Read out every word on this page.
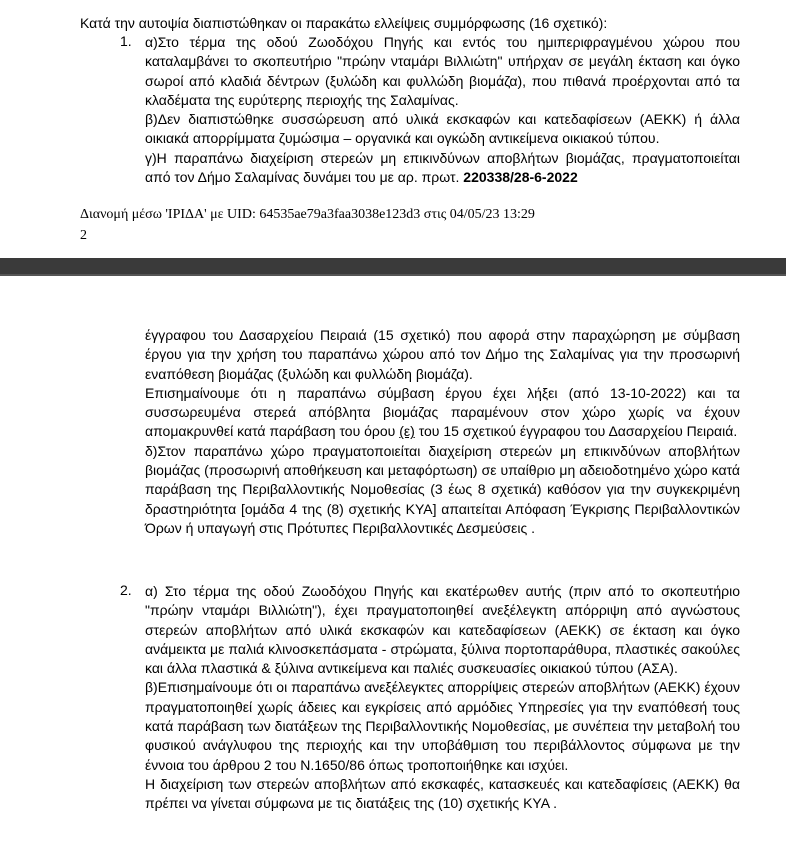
Κατά την αυτοψία διαπιστώθηκαν οι παρακάτω ελλείψεις συμμόρφωσης (16 σχετικό):
1. α)Στο τέρμα της οδού Ζωοδόχου Πηγής και εντός του ημιπεριφραγμένου χώρου που καταλαμβάνει το σκοπευτήριο "πρώην νταμάρι Βιλλιώτη" υπήρχαν σε μεγάλη έκταση και όγκο σωροί από κλαδιά δέντρων (ξυλώδη και φυλλώδη βιομάζα), που πιθανά προέρχονται από τα κλαδέματα της ευρύτερης περιοχής της Σαλαμίνας.

β)Δεν διαπιστώθηκε συσσώρευση από υλικά εκσκαφών και κατεδαφίσεων (ΑΕΚΚ) ή άλλα οικιακά απορρίμματα ζυμώσιμα – οργανικά και ογκώδη αντικείμενα οικιακού τύπου.

γ)Η παραπάνω διαχείριση στερεών μη επικινδύνων αποβλήτων βιομάζας, πραγματοποιείται από τον Δήμο Σαλαμίνας δυνάμει του με αρ. πρωτ. 220338/28-6-2022

Διανομή μέσω 'ΙΡΙΔΑ' με UID: 64535ae79a3faa3038e123d3 στις 04/05/23 13:29
2

έγγραφου του Δασαρχείου Πειραιά (15 σχετικό) που αφορά στην παραχώρηση με σύμβαση έργου για την χρήση του παραπάνω χώρου από τον Δήμο της Σαλαμίνας για την προσωρινή εναπόθεση βιομάζας (ξυλώδη και φυλλώδη βιομάζα).

Επισημαίνουμε ότι η παραπάνω σύμβαση έργου έχει λήξει (από 13-10-2022) και τα συσσωρευμένα στερεά απόβλητα βιομάζας παραμένουν στον χώρο χωρίς να έχουν απομακρυνθεί κατά παράβαση του όρου (ε) του 15 σχετικού έγγραφου του Δασαρχείου Πειραιά.

δ)Στον παραπάνω χώρο πραγματοποιείται διαχείριση στερεών μη επικινδύνων αποβλήτων βιομάζας (προσωρινή αποθήκευση και μεταφόρτωση) σε υπαίθριο μη αδειοδοτημένο χώρο κατά παράβαση της Περιβαλλοντικής Νομοθεσίας (3 έως 8 σχετικά) καθόσον για την συγκεκριμένη δραστηριότητα [ομάδα 4 της (8) σχετικής ΚΥΑ] απαιτείται Απόφαση Έγκρισης Περιβαλλοντικών Όρων ή υπαγωγή στις Πρότυπες Περιβαλλοντικές Δεσμεύσεις .

2. α) Στο τέρμα της οδού Ζωοδόχου Πηγής και εκατέρωθεν αυτής (πριν από το σκοπευτήριο "πρώην νταμάρι Βιλλιώτη"), έχει πραγματοποιηθεί ανεξέλεγκτη απόρριψη από αγνώστους στερεών αποβλήτων από υλικά εκσκαφών και κατεδαφίσεων (ΑΕΚΚ) σε έκταση και όγκο ανάμεικτα με παλιά κλινοσκεπάσματα - στρώματα, ξύλινα πορτοπαράθυρα, πλαστικές σακούλες και άλλα πλαστικά & ξύλινα αντικείμενα και παλιές συσκευασίες οικιακού τύπου (ΑΣΑ).

β)Επισημαίνουμε ότι οι παραπάνω ανεξέλεγκτες απορρίψεις στερεών αποβλήτων (ΑΕΚΚ) έχουν πραγματοποιηθεί χωρίς άδειες και εγκρίσεις από αρμόδιες Υπηρεσίες για την εναπόθεσή τους κατά παράβαση των διατάξεων της Περιβαλλοντικής Νομοθεσίας, με συνέπεια την μεταβολή του φυσικού ανάγλυφου της περιοχής και την υποβάθμιση του περιβάλλοντος σύμφωνα με την έννοια του άρθρου 2 του Ν.1650/86 όπως τροποποιήθηκε και ισχύει.

Η διαχείριση των στερεών αποβλήτων από εκσκαφές, κατασκευές και κατεδαφίσεις (ΑΕΚΚ) θα πρέπει να γίνεται σύμφωνα με τις διατάξεις της (10) σχετικής ΚΥΑ .
